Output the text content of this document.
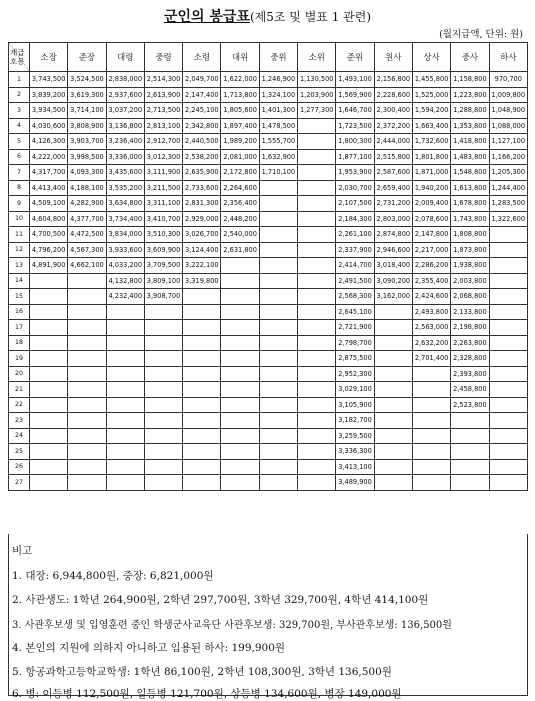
군인의 봉급표(제5조 및 별표 1 관련)
(월지급액, 단위: 원)
계급
호봉	소장	준장	대령	중령	소령	대위	중위	소위	준위	원사	상사	중사	하사
1	3,743,500	3,524,500	2,838,000	2,514,300	2,049,700	1,622,000	1,246,900	1,130,500	1,493,100	2,156,800	1,455,800	1,158,800	970,700
2	3,839,200	3,619,300	2,937,600	2,613,900	2,147,400	1,713,800	1,324,100	1,203,900	1,569,900	2,228,600	1,525,000	1,223,800	1,009,800
3	3,934,500	3,714,100	3,037,200	2,713,500	2,245,100	1,805,600	1,401,300	1,277,300	1,646,700	2,300,400	1,594,200	1,288,800	1,048,900
4	4,030,600	3,808,900	3,136,800	2,813,100	2,342,800	1,897,400	1,478,500		1,723,500	2,372,200	1,663,400	1,353,800	1,088,000
5	4,126,300	3,903,700	3,236,400	2,912,700	2,440,500	1,989,200	1,555,700		1,800,300	2,444,000	1,732,600	1,418,800	1,127,100
6	4,222,000	3,998,500	3,336,000	3,012,300	2,538,200	2,081,000	1,632,900		1,877,100	2,515,800	1,801,800	1,483,800	1,166,200
7	4,317,700	4,093,300	3,435,600	3,111,900	2,635,900	2,172,800	1,710,100		1,953,900	2,587,600	1,871,000	1,548,800	1,205,300
8	4,413,400	4,188,100	3,535,200	3,211,500	2,733,600	2,264,600			2,030,700	2,659,400	1,940,200	1,613,800	1,244,400
9	4,509,100	4,282,900	3,634,800	3,311,100	2,831,300	2,356,400			2,107,500	2,731,200	2,009,400	1,678,800	1,283,500
10	4,604,800	4,377,700	3,734,400	3,410,700	2,929,000	2,448,200			2,184,300	2,803,000	2,078,600	1,743,800	1,322,600
11	4,700,500	4,472,500	3,834,000	3,510,300	3,026,700	2,540,000			2,261,100	2,874,800	2,147,800	1,808,800	
12	4,796,200	4,567,300	3,933,600	3,609,900	3,124,400	2,631,800			2,337,900	2,946,600	2,217,000	1,873,800	
13	4,891,900	4,662,100	4,033,200	3,709,500	3,222,100				2,414,700	3,018,400	2,286,200	1,938,800	
14			4,132,800	3,809,100	3,319,800				2,491,500	3,090,200	2,355,400	2,003,800	
15			4,232,400	3,908,700					2,568,300	3,162,000	2,424,600	2,068,800	
16									2,645,100		2,493,800	2,133,800	
17									2,721,900		2,563,000	2,198,800	
18									2,798,700		2,632,200	2,263,800	
19									2,875,500		2,701,400	2,328,800	
20									2,952,300			2,393,800	
21									3,029,100			2,458,800	
22									3,105,900			2,523,800	
23									3,182,700				
24									3,259,500				
25									3,336,300				
26									3,413,100				
27									3,489,900				
비고
1. 대장: 6,944,800원, 중장: 6,821,000원
2. 사관생도: 1학년 264,900원, 2학년 297,700원, 3학년 329,700원, 4학년 414,100원
3. 사관후보생 및 입영훈련 중인 학생군사교육단 사관후보생: 329,700원, 부사관후보생: 136,500원
4. 본인의 지원에 의하지 아니하고 임용된 하사: 199,900원
5. 항공과학고등학교학생: 1학년 86,100원, 2학년 108,300원, 3학년 136,500원
6. 병: 이등병 112,500원, 일등병 121,700원, 상등병 134,600원, 병장 149,000원
